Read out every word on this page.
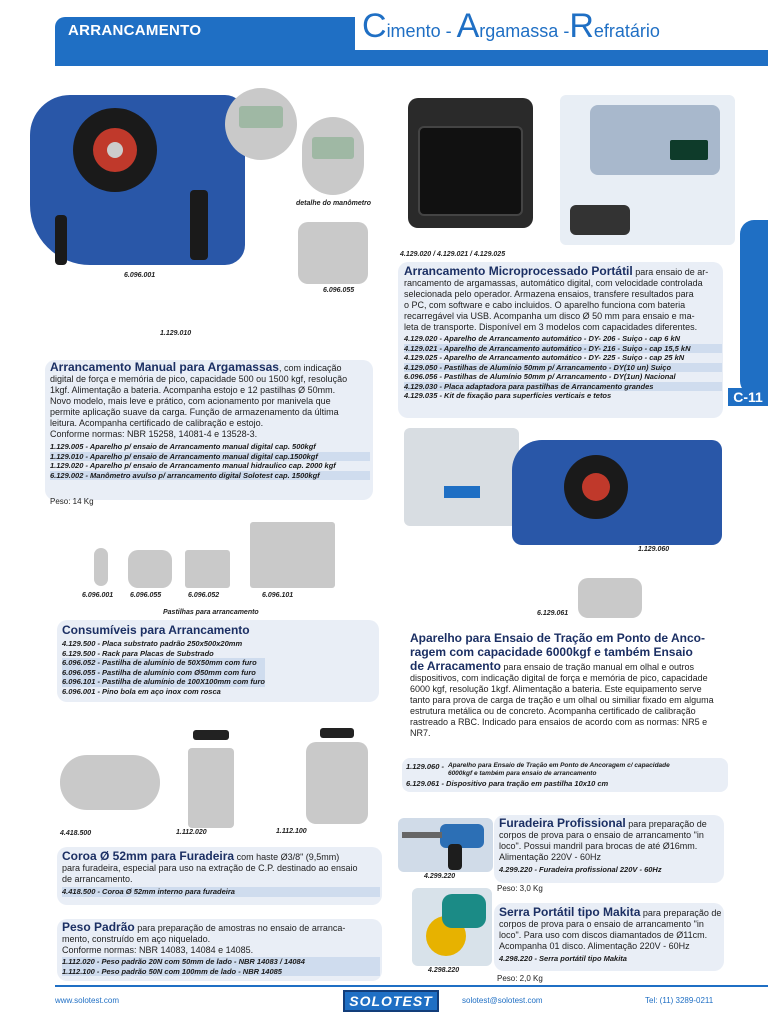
ARRANCAMENTO	Cimento - Argamassa -Refratário
C-11
detalhe do manômetro
6.096.001
6.096.055
1.129.010
4.129.020 / 4.129.021 / 4.129.025
Arrancamento Microprocessado Portátil para ensaio de ar-
rancamento de argamassas, automático digital, com velocidade controlada
selecionada pelo operador. Armazena ensaios, transfere resultados para
o PC, com software e cabo incluidos. O aparelho funciona com bateria
recarregável via USB. Acompanha um disco Ø 50 mm para ensaio e ma-
leta de transporte. Disponível em 3 modelos com capacidades diferentes.
4.129.020 - Aparelho de Arrancamento automático - DY- 206 - Suiço - cap 6 kN
4.129.021 - Aparelho de Arrancamento automático - DY- 216 - Suiço - cap 15,5 kN
4.129.025 - Aparelho de Arrancamento automático - DY- 225 - Suiço - cap 25 kN
4.129.050 - Pastilhas de Alumínio 50mm p/ Arrancamento - DY(10 un) Suiço
6.096.056 - Pastilhas de Alumínio 50mm p/ Arrancamento - DY(1un) Nacional
4.129.030 - Placa adaptadora para pastilhas de Arrancamento grandes
4.129.035 - Kit de fixação para superfícies verticais e tetos
Arrancamento Manual para Argamassas, com indicação
digital de força e memória de pico, capacidade 500 ou 1500 kgf, resolução
1kgf. Alimentação a bateria. Acompanha estojo e 12 pastilhas Ø 50mm.
Novo modelo, mais leve e prático, com acionamento por manivela que
permite aplicação suave da carga. Função de armazenamento da última
leitura. Acompanha certificado de calibração e estojo.
Conforme normas: NBR 15258, 14081-4 e 13528-3.
1.129.005 - Aparelho p/ ensaio de Arrancamento manual digital cap. 500kgf
1.129.010 - Aparelho p/ ensaio de Arrancamento manual digital cap.1500kgf
1.129.020 - Aparelho p/ ensaio de Arrancamento manual hidraulico cap. 2000 kgf
6.129.002 - Manômetro avulso p/ arrancamento digital Solotest cap. 1500kgf
Peso: 14 Kg
6.096.001 6.096.055	6.096.052	6.096.101
Pastilhas para arrancamento
Consumíveis para Arrancamento
4.129.500 - Placa substrato padrão 250x500x20mm
6.129.500 - Rack para Placas de Substrado
6.096.052 - Pastilha de alumínio de 50X50mm com furo
6.096.055 - Pastilha de alumínio com Ø50mm com furo
6.096.101 - Pastilha de alumínio de 100X100mm com furo
6.096.001 - Pino bola em aço inox com rosca
1.129.060
6.129.061
Aparelho para Ensaio de Tração em Ponto de Anco-
ragem com capacidade 6000kgf e também Ensaio
de Arracamento para ensaio de tração manual em olhal e outros
dispositivos, com indicação digital de força e memória de pico, capacidade
6000 kgf, resolução 1kgf. Alimentação a bateria. Este equipamento serve
tanto para prova de carga de tração e um olhal ou similiar fixado em alguma
estrutura metálica ou de concreto. Acompanha certificado de calibração
rastreado a RBC. Indicado para ensaios de acordo com as normas: NR5 e NR7.
1.129.060 - Aparelho para Ensaio de Tração em Ponto de Ancoragem c/ capacidade
6000kgf e também para ensaio de arrancamento
6.129.061 - Dispositivo para tração em pastilha 10x10 cm
4.418.500	1.112.020	1.112.100
Coroa Ø 52mm para Furadeira com haste Ø3/8" (9,5mm)
para furadeira, especial para uso na extração de C.P. destinado ao ensaio
de arrancamento.
4.418.500 - Coroa Ø 52mm interno para furadeira

Peso Padrão para preparação de amostras no ensaio de arranca-
mento, construído em aço niquelado.
Conforme normas: NBR 14083, 14084 e 14085.
1.112.020 - Peso padrão 20N com 50mm de lado - NBR 14083 / 14084
1.112.100 - Peso padrão 50N com 100mm de lado - NBR 14085
4.299.220
Furadeira Profissional para preparação de
corpos de prova para o ensaio de arrancamento "in
loco". Possui mandril para brocas de até Ø16mm.
Alimentação 220V - 60Hz
4.299.220 - Furadeira profissional 220V - 60Hz
Peso: 3,0 Kg
4.298.220
Serra Portátil tipo Makita para preparação de
corpos de prova para o ensaio de arrancamento "in
loco". Para uso com discos diamantados de Ø11cm.
Acompanha 01 disco. Alimentação 220V - 60Hz
4.298.220 - Serra portátil tipo Makita
Peso: 2,0 Kg
www.solotest.com	SOLOTEST	solotest@solotest.com	Tel: (11) 3289-0211
